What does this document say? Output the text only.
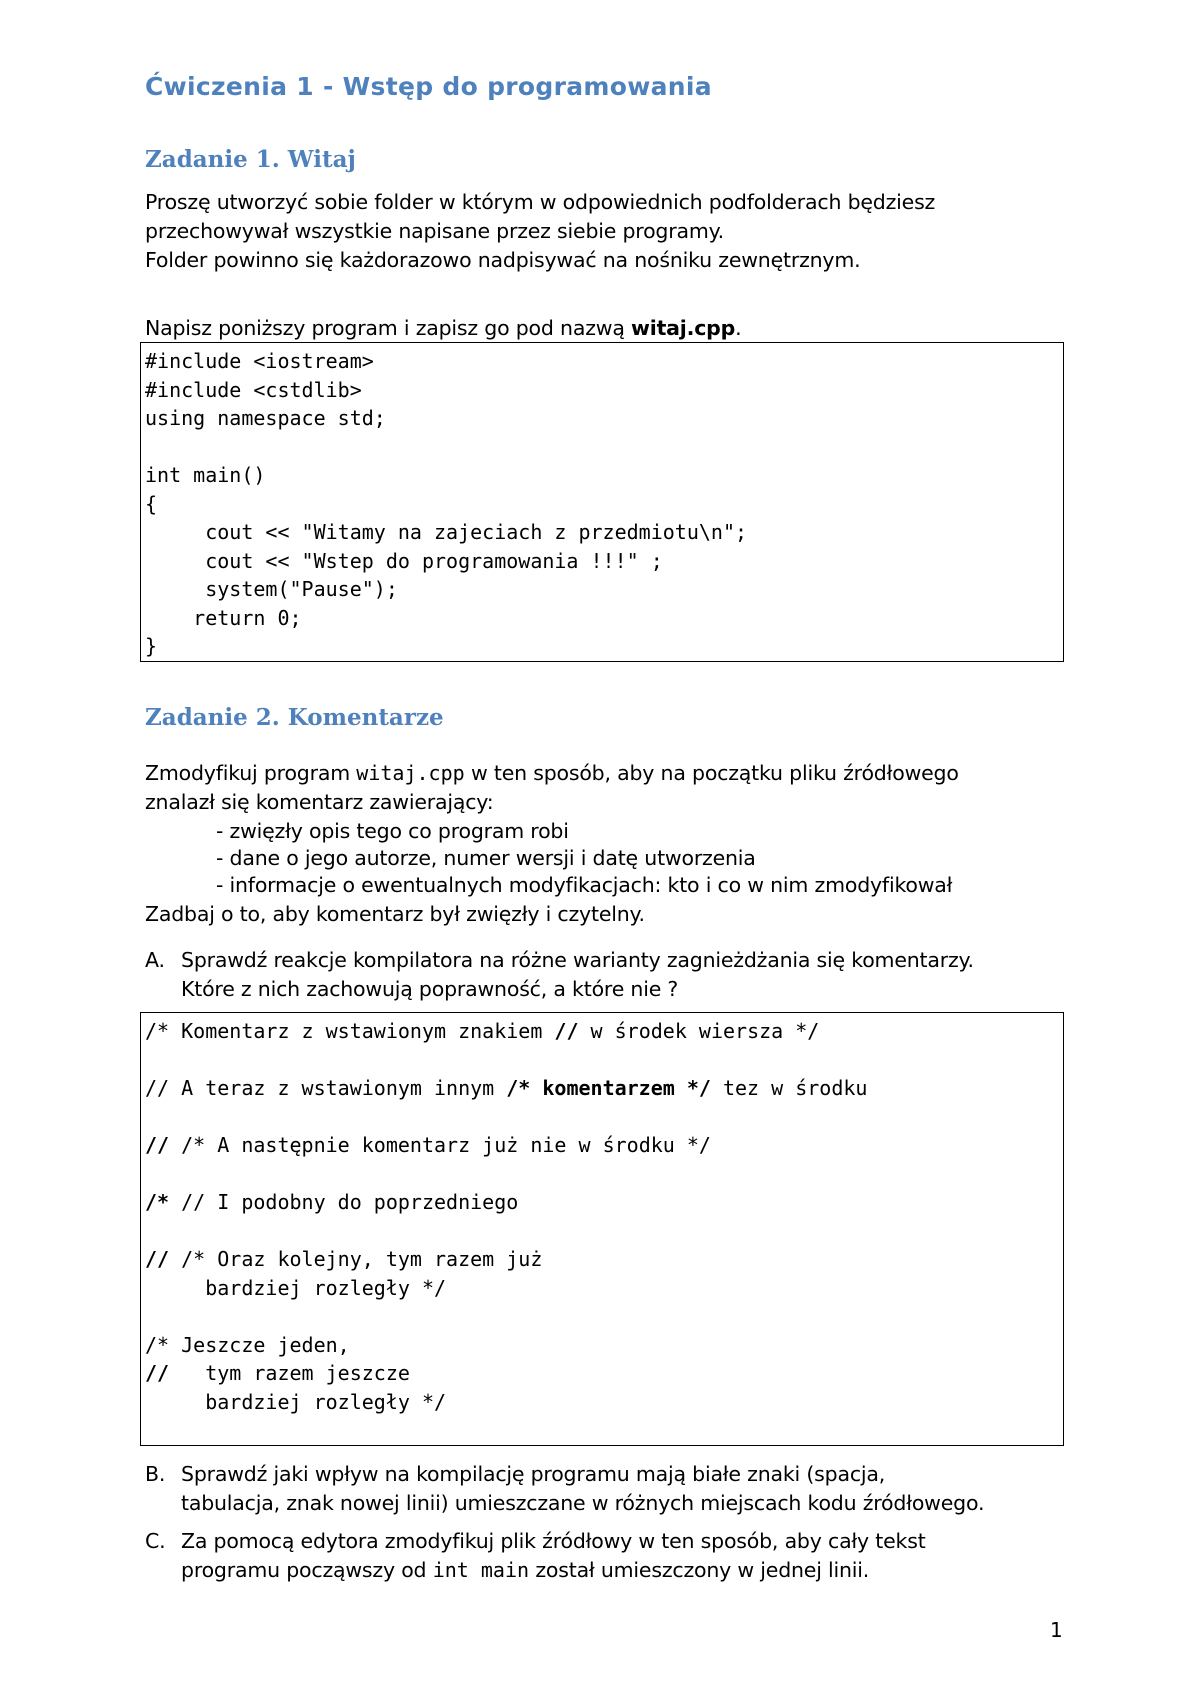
Ćwiczenia 1 - Wstęp do programowania
Zadanie 1. Witaj
Proszę utworzyć sobie folder w którym w odpowiednich podfolderach będziesz
przechowywał wszystkie napisane przez siebie programy.
Folder powinno się każdorazowo nadpisywać na nośniku zewnętrznym.
Napisz poniższy program i zapisz go pod nazwą witaj.cpp.
#include <iostream>
#include <cstdlib>
using namespace std;

int main()
{
cout << "Witamy na zajeciach z przedmiotu\n";
cout << "Wstep do programowania !!!" ;
system("Pause");
return 0;
}
Zadanie 2. Komentarze
Zmodyfikuj program witaj.cpp w ten sposób, aby na początku pliku źródłowego
znalazł się komentarz zawierający:
- zwięzły opis tego co program robi
- dane o jego autorze, numer wersji i datę utworzenia
- informacje o ewentualnych modyfikacjach: kto i co w nim zmodyfikował
Zadbaj o to, aby komentarz był zwięzły i czytelny.
A. Sprawdź reakcje kompilatora na różne warianty zagnieżdżania się komentarzy.
Które z nich zachowują poprawność, a które nie ?
/* Komentarz z wstawionym znakiem // w środek wiersza */

// A teraz z wstawionym innym /* komentarzem */ tez w środku

// /* A następnie komentarz już nie w środku */

/* // I podobny do poprzedniego

// /* Oraz kolejny, tym razem już
bardziej rozległy */

/* Jeszcze jeden,
//   tym razem jeszcze
bardziej rozległy */
B. Sprawdź jaki wpływ na kompilację programu mają białe znaki (spacja,
tabulacja, znak nowej linii) umieszczane w różnych miejscach kodu źródłowego.
C. Za pomocą edytora zmodyfikuj plik źródłowy w ten sposób, aby cały tekst
programu począwszy od int main został umieszczony w jednej linii.
1
